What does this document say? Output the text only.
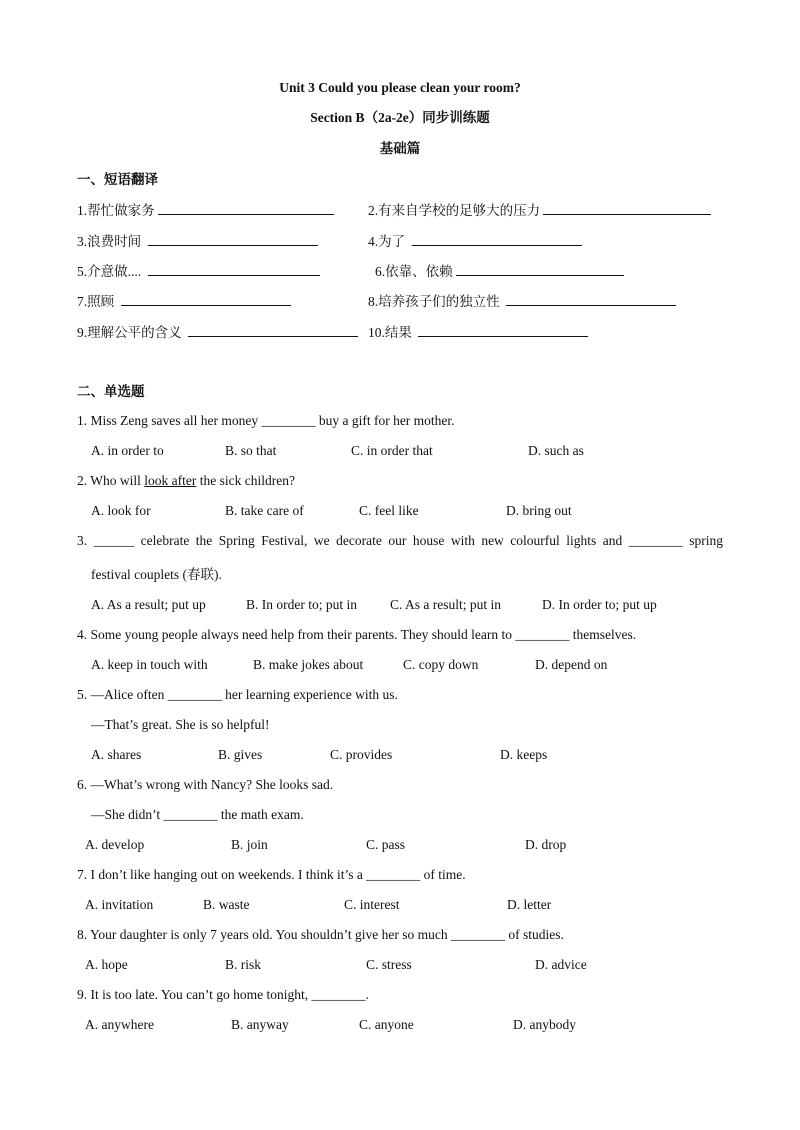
Unit 3 Could you please clean your room?
Section B（2a-2e）同步训练题
基础篇
一、短语翻译
1.帮忙做家务	2.有来自学校的足够大的压力
3.浪费时间	4.为了
5.介意做....	6.依靠、依赖
7.照顾	8.培养孩子们的独立性
9.理解公平的含义	10.结果
二、单选题
1. Miss Zeng saves all her money ________ buy a gift for her mother.
A. in order to	B. so that	C. in order that	D. such as
2. Who will look after the sick children?
A. look for	B. take care of	C. feel like	D. bring out
3. ______ celebrate the Spring Festival, we decorate our house with new colourful lights and ________ spring
festival couplets (春联).
A. As a result; put up	B. In order to; put in C. As a result; put in	D. In order to; put up
4. Some young people always need help from their parents. They should learn to ________ themselves.
A. keep in touch with	B. make jokes about	C. copy down	D. depend on
5. —Alice often ________ her learning experience with us.
—That’s great. She is so helpful!
A. shares	B. gives	C. provides	D. keeps
6. —What’s wrong with Nancy? She looks sad.
—She didn’t ________ the math exam.
A. develop	B. join	C. pass	D. drop
7. I don’t like hanging out on weekends. I think it’s a ________ of time.
A. invitation	B. waste	C. interest	D. letter
8. Your daughter is only 7 years old. You shouldn’t give her so much ________ of studies.
A. hope	B. risk	C. stress	D. advice
9. It is too late. You can’t go home tonight, ________.
A. anywhere	B. anyway	C. anyone	D. anybody
